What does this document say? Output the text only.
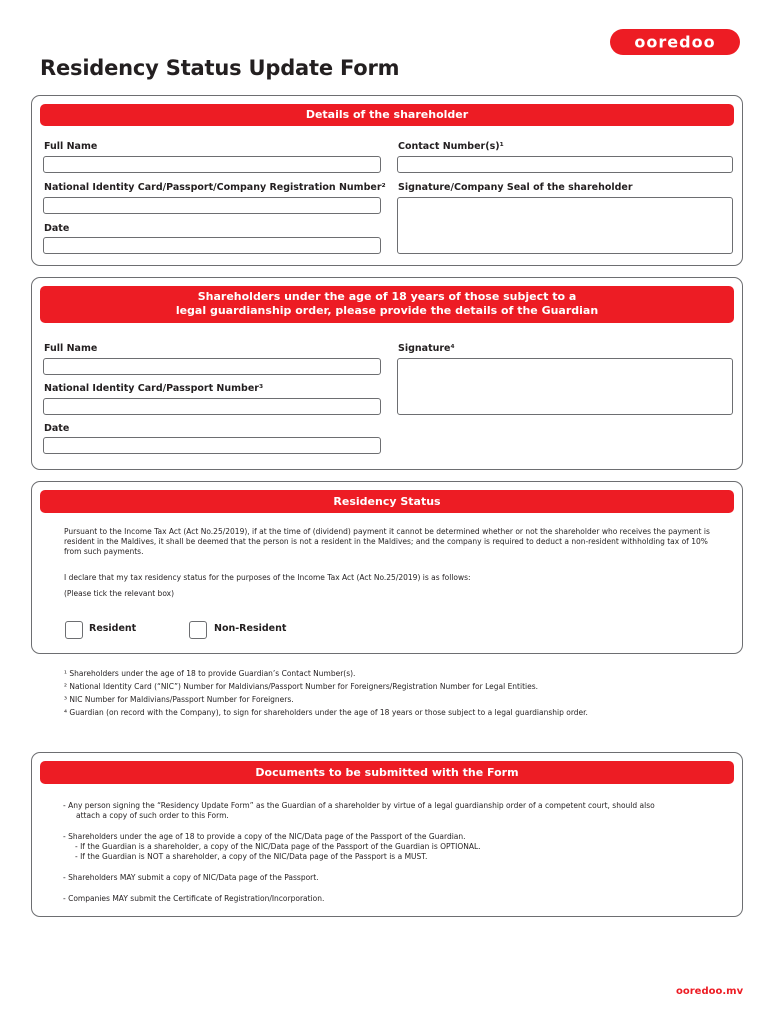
ooredoo
Residency Status Update Form
Details of the shareholder
Full Name	Contact Number(s)¹
National Identity Card/Passport/Company Registration Number² Signature/Company Seal of the shareholder
Date
Shareholders under the age of 18 years of those subject to a
legal guardianship order, please provide the details of the Guardian
Full Name	Signature⁴
National Identity Card/Passport Number³
Date
Residency Status
Pursuant to the Income Tax Act (Act No.25/2019), if at the time of (dividend) payment it cannot be determined whether or not the shareholder who receives the payment is resident in the Maldives, it shall be deemed that the person is not a resident in the Maldives; and the company is required to deduct a non-resident withholding tax of 10% from such payments.
I declare that my tax residency status for the purposes of the Income Tax Act (Act No.25/2019) is as follows:
(Please tick the relevant box)
Resident	Non-Resident
¹ Shareholders under the age of 18 to provide Guardian’s Contact Number(s).
² National Identity Card (“NIC”) Number for Maldivians/Passport Number for Foreigners/Registration Number for Legal Entities.
³ NIC Number for Maldivians/Passport Number for Foreigners.
⁴ Guardian (on record with the Company), to sign for shareholders under the age of 18 years or those subject to a legal guardianship order.
Documents to be submitted with the Form
- Any person signing the “Residency Update Form” as the Guardian of a shareholder by virtue of a legal guardianship order of a competent court, should also
attach a copy of such order to this Form.
- Shareholders under the age of 18 to provide a copy of the NIC/Data page of the Passport of the Guardian.
- If the Guardian is a shareholder, a copy of the NIC/Data page of the Passport of the Guardian is OPTIONAL.
- If the Guardian is NOT a shareholder, a copy of the NIC/Data page of the Passport is a MUST.
- Shareholders MAY submit a copy of NIC/Data page of the Passport.
- Companies MAY submit the Certificate of Registration/Incorporation.
ooredoo.mv
